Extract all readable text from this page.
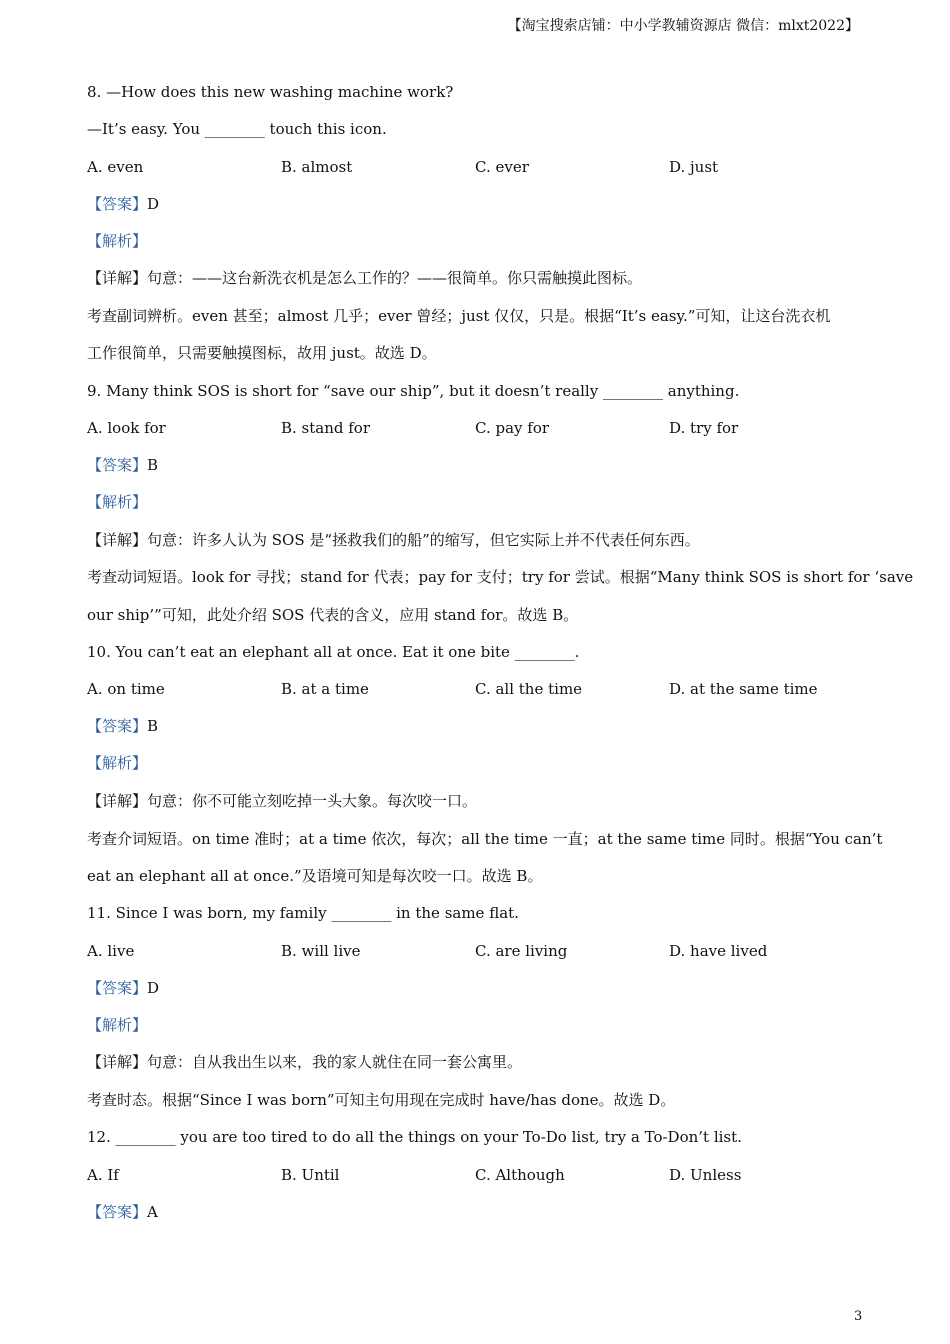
【淘宝搜索店铺：中小学教辅资源店 微信：mlxt2022】
8. —How does this new washing machine work?
—It’s easy. You ________ touch this icon.
A. even	B. almost	C. ever	D. just
【答案】D
【解析】
【详解】句意：——这台新洗衣机是怎么工作的？——很简单。你只需触摸此图标。
考查副词辨析。even 甚至；almost 几乎；ever 曾经；just 仅仅，只是。根据“It’s easy.”可知，让这台洗衣机
工作很简单，只需要触摸图标，故用 just。故选 D。
9. Many think SOS is short for “save our ship”, but it doesn’t really ________ anything.
A. look for	B. stand for	C. pay for	D. try for
【答案】B
【解析】
【详解】句意：许多人认为 SOS 是“拯救我们的船”的缩写，但它实际上并不代表任何东西。
考查动词短语。look for 寻找；stand for 代表；pay for 支付；try for 尝试。根据“Many think SOS is short for ‘save
our ship’”可知，此处介绍 SOS 代表的含义，应用 stand for。故选 B。
10. You can’t eat an elephant all at once. Eat it one bite ________.
A. on time	B. at a time	C. all the time	D. at the same time
【答案】B
【解析】
【详解】句意：你不可能立刻吃掉一头大象。每次咬一口。
考查介词短语。on time 准时；at a time 依次，每次；all the time 一直；at the same time 同时。根据“You can’t
eat an elephant all at once.”及语境可知是每次咬一口。故选 B。
11. Since I was born, my family ________ in the same flat.
A. live	B. will live	C. are living	D. have lived
【答案】D
【解析】
【详解】句意：自从我出生以来，我的家人就住在同一套公寓里。
考查时态。根据“Since I was born”可知主句用现在完成时 have/has done。故选 D。
12. ________ you are too tired to do all the things on your To-Do list, try a To-Don’t list.
A. If	B. Until	C. Although	D. Unless
【答案】A
3
